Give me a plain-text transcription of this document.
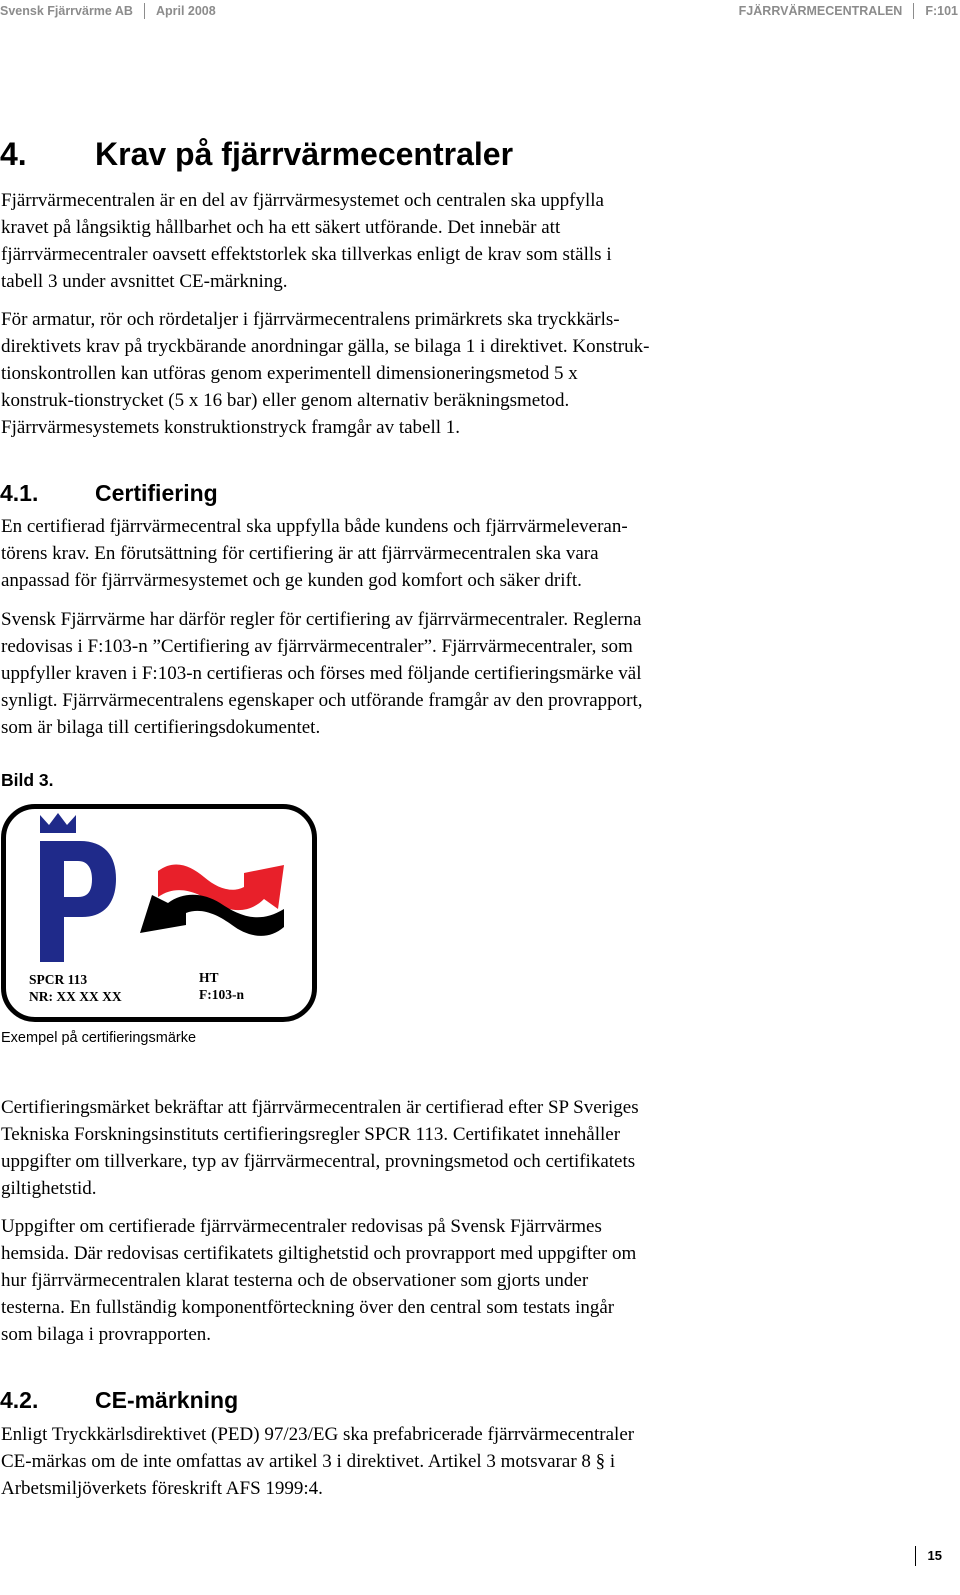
Svensk Fjärrvärme AB April 2008	FJÄRRVÄRMECENTRALEN F:101
4. Krav på fjärrvärmecentraler
Fjärrvärmecentralen är en del av fjärrvärmesystemet och centralen ska uppfylla
kravet på långsiktig hållbarhet och ha ett säkert utförande. Det innebär att
fjärrvärmecentraler oavsett effektstorlek ska tillverkas enligt de krav som ställs i
tabell 3 under avsnittet CE-märkning.
För armatur, rör och rördetaljer i fjärrvärmecentralens primärkrets ska tryckkärls-
direktivets krav på tryckbärande anordningar gälla, se bilaga 1 i direktivet. Konstruk-
tionskontrollen kan utföras genom experimentell dimensioneringsmetod 5 x
konstruk-tionstrycket (5 x 16 bar) eller genom alternativ beräkningsmetod.
Fjärrvärmesystemets konstruktionstryck framgår av tabell 1.
4.1. Certifiering
En certifierad fjärrvärmecentral ska uppfylla både kundens och fjärrvärmeleveran-
törens krav. En förutsättning för certifiering är att fjärrvärmecentralen ska vara
anpassad för fjärrvärmesystemet och ge kunden god komfort och säker drift.
Svensk Fjärrvärme har därför regler för certifiering av fjärrvärmecentraler. Reglerna
redovisas i F:103-n ”Certifiering av fjärrvärmecentraler”. Fjärrvärmecentraler, som
uppfyller kraven i F:103-n certifieras och förses med följande certifieringsmärke väl
synligt. Fjärrvärmecentralens egenskaper och utförande framgår av den provrapport,
som är bilaga till certifieringsdokumentet.
Bild 3.
SPCR 113
NR: XX XX XX
HT
F:103-n
Exempel på certifieringsmärke
Certifieringsmärket bekräftar att fjärrvärmecentralen är certifierad efter SP Sveriges
Tekniska Forskningsinstituts certifieringsregler SPCR 113. Certifikatet innehåller
uppgifter om tillverkare, typ av fjärrvärmecentral, provningsmetod och certifikatets
giltighetstid.
Uppgifter om certifierade fjärrvärmecentraler redovisas på Svensk Fjärrvärmes
hemsida. Där redovisas certifikatets giltighetstid och provrapport med uppgifter om
hur fjärrvärmecentralen klarat testerna och de observationer som gjorts under
testerna. En fullständig komponentförteckning över den central som testats ingår
som bilaga i provrapporten.
4.2. CE-märkning
Enligt Tryckkärlsdirektivet (PED) 97/23/EG ska prefabricerade fjärrvärmecentraler
CE-märkas om de inte omfattas av artikel 3 i direktivet. Artikel 3 motsvarar 8 § i
Arbetsmiljöverkets föreskrift AFS 1999:4.
15
